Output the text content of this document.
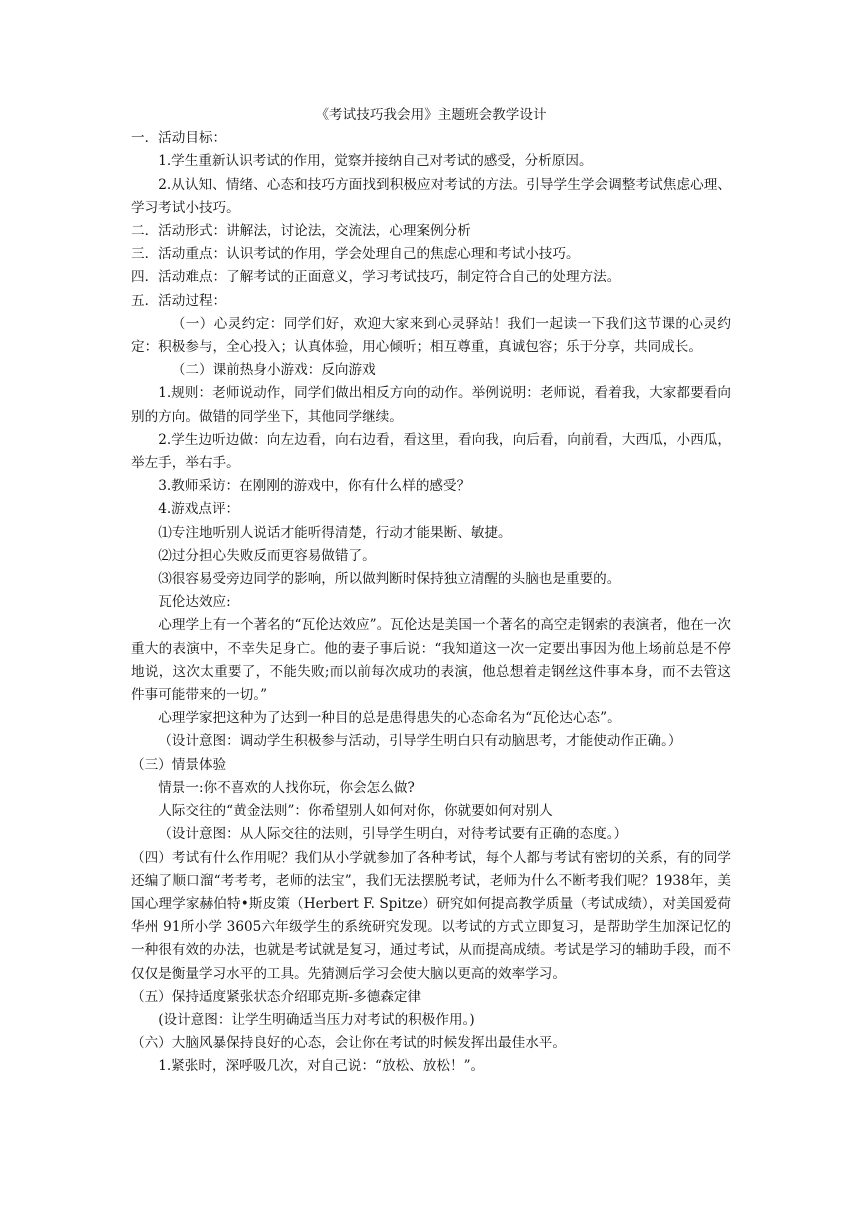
《考试技巧我会用》主题班会教学设计
一．活动目标：
1.学生重新认识考试的作用，觉察并接纳自己对考试的感受，分析原因。
2.从认知、情绪、心态和技巧方面找到积极应对考试的方法。引导学生学会调整考试焦虑心理、学习考试小技巧。
二．活动形式：讲解法，讨论法，交流法，心理案例分析
三．活动重点：认识考试的作用，学会处理自己的焦虑心理和考试小技巧。
四．活动难点：了解考试的正面意义，学习考试技巧，制定符合自己的处理方法。
五．活动过程：
（一）心灵约定：同学们好，欢迎大家来到心灵驿站！我们一起读一下我们这节课的心灵约定：积极参与，全心投入；认真体验，用心倾听；相互尊重，真诚包容；乐于分享，共同成长。
（二）课前热身小游戏：反向游戏
1.规则：老师说动作，同学们做出相反方向的动作。举例说明：老师说，看着我，大家都要看向别的方向。做错的同学坐下，其他同学继续。
2.学生边听边做：向左边看，向右边看，看这里，看向我，向后看，向前看，大西瓜，小西瓜，举左手，举右手。
3.教师采访：在刚刚的游戏中，你有什么样的感受？
4.游戏点评：
⑴专注地听别人说话才能听得清楚，行动才能果断、敏捷。
⑵过分担心失败反而更容易做错了。
⑶很容易受旁边同学的影响，所以做判断时保持独立清醒的头脑也是重要的。
瓦伦达效应:
心理学上有一个著名的“瓦伦达效应”。瓦伦达是美国一个著名的高空走钢索的表演者，他在一次重大的表演中，不幸失足身亡。他的妻子事后说：“我知道这一次一定要出事因为他上场前总是不停地说，这次太重要了，不能失败;而以前每次成功的表演，他总想着走钢丝这件事本身，而不去管这件事可能带来的一切。”
心理学家把这种为了达到一种目的总是患得患失的心态命名为“瓦伦达心态”。
（设计意图：调动学生积极参与活动，引导学生明白只有动脑思考，才能使动作正确。）
（三）情景体验
情景一:你不喜欢的人找你玩，你会怎么做?
人际交往的“黄金法则”：你希望别人如何对你，你就要如何对别人
（设计意图：从人际交往的法则，引导学生明白，对待考试要有正确的态度。）
（四）考试有什么作用呢？我们从小学就参加了各种考试，每个人都与考试有密切的关系，有的同学还编了顺口溜“考考考，老师的法宝”，我们无法摆脱考试，老师为什么不断考我们呢？1938年，美国心理学家赫伯特•斯皮策（Herbert F. Spitze）研究如何提高教学质量（考试成绩），对美国爱荷华州 91所小学 3605六年级学生的系统研究发现。以考试的方式立即复习，是帮助学生加深记忆的一种很有效的办法，也就是考试就是复习，通过考试，从而提高成绩。考试是学习的辅助手段，而不仅仅是衡量学习水平的工具。先猜测后学习会使大脑以更高的效率学习。
（五）保持适度紧张状态介绍耶克斯-多德森定律
(设计意图：让学生明确适当压力对考试的积极作用。)
（六）大脑风暴保持良好的心态，会让你在考试的时候发挥出最佳水平。
1.紧张时，深呼吸几次，对自己说：“放松、放松！”。
